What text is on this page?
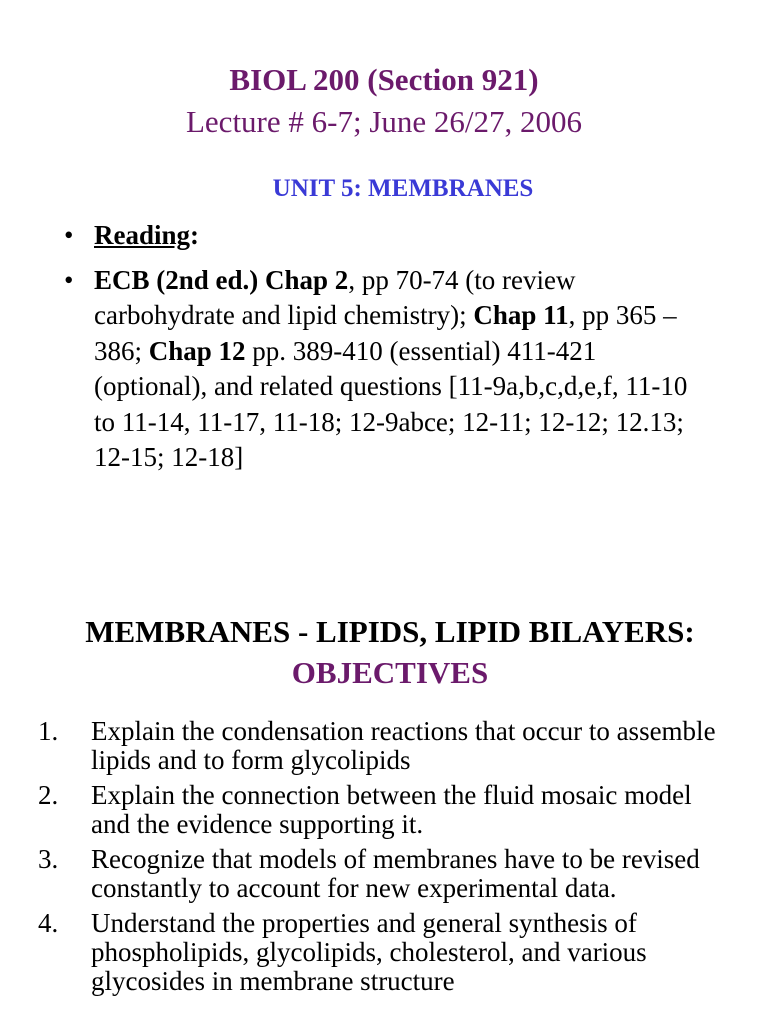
BIOL 200 (Section 921)
Lecture # 6-7; June 26/27, 2006
UNIT 5: MEMBRANES
• Reading:
• ECB (2nd ed.) Chap 2, pp 70-74 (to review carbohydrate and lipid chemistry); Chap 11, pp 365 –386; Chap 12 pp. 389-410 (essential) 411-421 (optional), and related questions [11-9a,b,c,d,e,f, 11-10 to 11-14, 11-17, 11-18; 12-9abce; 12-11; 12-12; 12.13; 12-15; 12-18]
MEMBRANES - LIPIDS, LIPID BILAYERS:
OBJECTIVES
1. Explain the condensation reactions that occur to assemble lipids and to form glycolipids
2. Explain the connection between the fluid mosaic model and the evidence supporting it.
3. Recognize that models of membranes have to be revised constantly to account for new experimental data.
4. Understand the properties and general synthesis of phospholipids, glycolipids, cholesterol, and various glycosides in membrane structure
